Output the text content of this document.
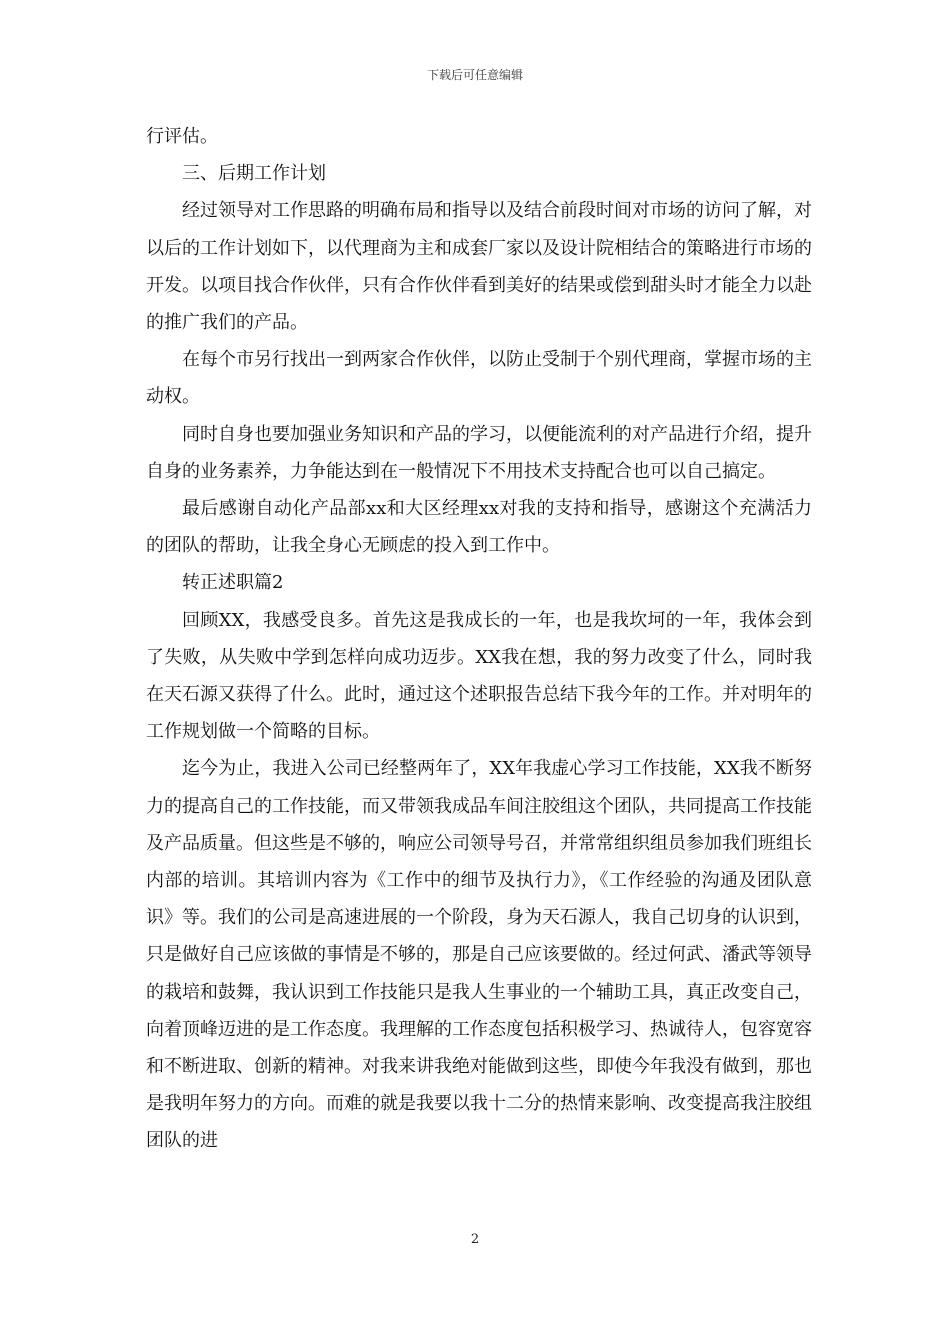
下载后可任意编辑

行评估。

三、后期工作计划

经过领导对工作思路的明确布局和指导以及结合前段时间对市场的访问了解，对以后的工作计划如下，以代理商为主和成套厂家以及设计院相结合的策略进行市场的开发。以项目找合作伙伴，只有合作伙伴看到美好的结果或偿到甜头时才能全力以赴的推广我们的产品。

在每个市另行找出一到两家合作伙伴，以防止受制于个别代理商，掌握市场的主动权。

同时自身也要加强业务知识和产品的学习，以便能流利的对产品进行介绍，提升自身的业务素养，力争能达到在一般情况下不用技术支持配合也可以自己搞定。

最后感谢自动化产品部xx和大区经理xx对我的支持和指导，感谢这个充满活力的团队的帮助，让我全身心无顾虑的投入到工作中。

转正述职篇2

回顾XX，我感受良多。首先这是我成长的一年，也是我坎坷的一年，我体会到了失败，从失败中学到怎样向成功迈步。XX我在想，我的努力改变了什么，同时我在天石源又获得了什么。此时，通过这个述职报告总结下我今年的工作。并对明年的工作规划做一个简略的目标。

迄今为止，我进入公司已经整两年了，XX年我虚心学习工作技能，XX我不断努力的提高自己的工作技能，而又带领我成品车间注胶组这个团队，共同提高工作技能及产品质量。但这些是不够的，响应公司领导号召，并常常组织组员参加我们班组长内部的培训。其培训内容为《工作中的细节及执行力》，《工作经验的沟通及团队意识》等。我们的公司是高速进展的一个阶段，身为天石源人，我自己切身的认识到，只是做好自己应该做的事情是不够的，那是自己应该要做的。经过何武、潘武等领导的栽培和鼓舞，我认识到工作技能只是我人生事业的一个辅助工具，真正改变自己，向着顶峰迈进的是工作态度。我理解的工作态度包括积极学习、热诚待人，包容宽容和不断进取、创新的精神。对我来讲我绝对能做到这些，即使今年我没有做到，那也是我明年努力的方向。而难的就是我要以我十二分的热情来影响、改变提高我注胶组团队的进

2
